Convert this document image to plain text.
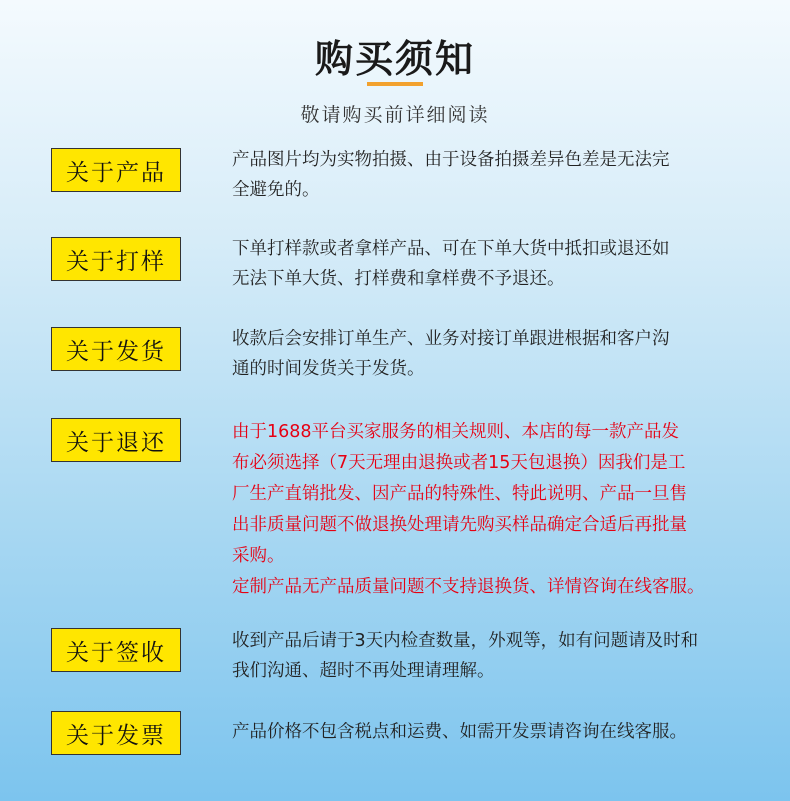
购买须知
敬请购买前详细阅读
关于产品	产品图片均为实物拍摄、由于设备拍摄差异色差是无法完
全避免的。
关于打样	下单打样款或者拿样产品、可在下单大货中抵扣或退还如
无法下单大货、打样费和拿样费不予退还。
关于发货	收款后会安排订单生产、业务对接订单跟进根据和客户沟
通的时间发货关于发货。
关于退还	由于1688平台买家服务的相关规则、本店的每一款产品发
布必须选择（7天无理由退换或者15天包退换）因我们是工
厂生产直销批发、因产品的特殊性、特此说明、产品一旦售
出非质量问题不做退换处理请先购买样品确定合适后再批量
采购。
定制产品无产品质量问题不支持退换货、详情咨询在线客服。
关于签收	收到产品后请于3天内检查数量，外观等，如有问题请及时和
我们沟通、超时不再处理请理解。
关于发票	产品价格不包含税点和运费、如需开发票请咨询在线客服。
